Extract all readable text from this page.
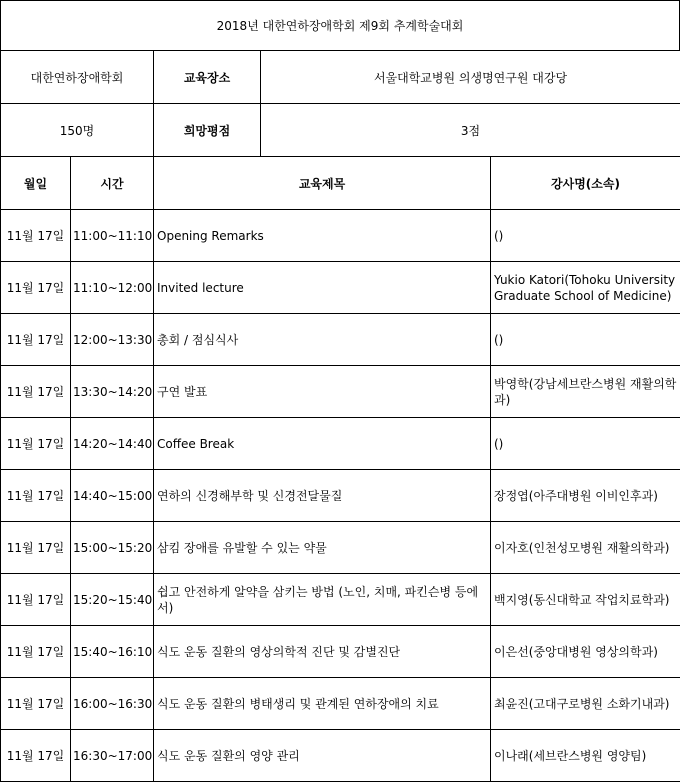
2018년 대한연하장애학회 제9회 추계학술대회
대한연하장애학회	교육장소	서울대학교병원 의생명연구원 대강당
150명	희망평점	3점
월일	시간	교육제목	강사명(소속)
11월 17일	11:00~11:10	Opening Remarks	()
11월 17일	11:10~12:00	Invited lecture	Yukio Katori(Tohoku University Graduate School of Medicine)
11월 17일	12:00~13:30	총회 / 점심식사	()
11월 17일	13:30~14:20	구연 발표	박영학(강남세브란스병원 재활의학과)
11월 17일	14:20~14:40	Coffee Break	()
11월 17일	14:40~15:00	연하의 신경해부학 및 신경전달물질	장정엽(아주대병원 이비인후과)
11월 17일	15:00~15:20	삼킴 장애를 유발할 수 있는 약물	이자호(인천성모병원 재활의학과)
11월 17일	15:20~15:40	쉽고 안전하게 알약을 삼키는 방법 (노인, 치매, 파킨슨병 등에서)	백지영(동신대학교 작업치료학과)
11월 17일	15:40~16:10	식도 운동 질환의 영상의학적 진단 및 감별진단	이은선(중앙대병원 영상의학과)
11월 17일	16:00~16:30	식도 운동 질환의 병태생리 및 관계된 연하장애의 치료	최윤진(고대구로병원 소화기내과)
11월 17일	16:30~17:00	식도 운동 질환의 영양 관리	이나래(세브란스병원 영양팀)
